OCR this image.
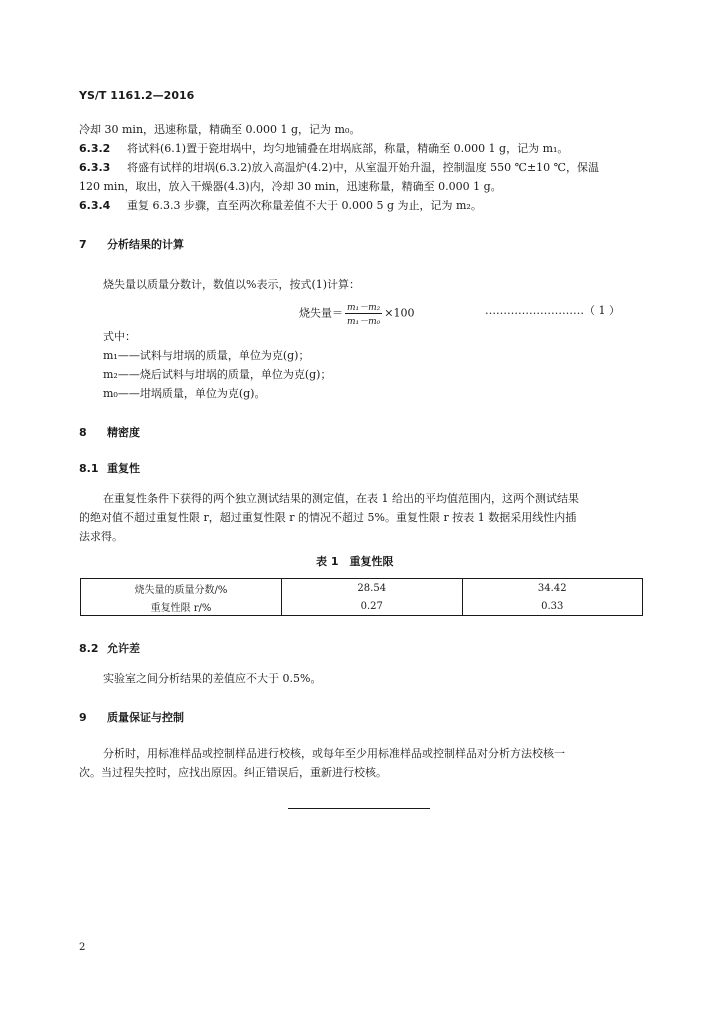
YS/T 1161.2—2016
冷却 30 min，迅速称量，精确至 0.000 1 g，记为 m₀。
6.3.2 将试料(6.1)置于瓷坩埚中，均匀地铺叠在坩埚底部，称量，精确至 0.000 1 g，记为 m₁。
6.3.3 将盛有试样的坩埚(6.3.2)放入高温炉(4.2)中，从室温开始升温，控制温度 550 ℃±10 ℃，保温
120 min，取出，放入干燥器(4.3)内，冷却 30 min，迅速称量，精确至 0.000 1 g。
6.3.4 重复 6.3.3 步骤，直至两次称量差值不大于 0.000 5 g 为止，记为 m₂。
7 分析结果的计算
烧失量以质量分数计，数值以%表示，按式(1)计算：
烧失量＝ $\frac{\text{m₁－m₂}}{\text{m₁－m₀}} \times 100$	………………………（ 1 ）
式中：
m₁——试料与坩埚的质量，单位为克(g)；
m₂——烧后试料与坩埚的质量，单位为克(g)；
m₀——坩埚质量，单位为克(g)。
8 精密度
8.1 重复性
在重复性条件下获得的两个独立测试结果的测定值，在表 1 给出的平均值范围内，这两个测试结果
的绝对值不超过重复性限 r，超过重复性限 r 的情况不超过 5%。重复性限 r 按表 1 数据采用线性内插
法求得。
表 1　重复性限
烧失量的质量分数/%	28.54	34.42
重复性限 r/%	0.27	0.33
8.2 允许差
实验室之间分析结果的差值应不大于 0.5%。
9 质量保证与控制
分析时，用标准样品或控制样品进行校核，或每年至少用标准样品或控制样品对分析方法校核一
次。当过程失控时，应找出原因。纠正错误后，重新进行校核。
2
